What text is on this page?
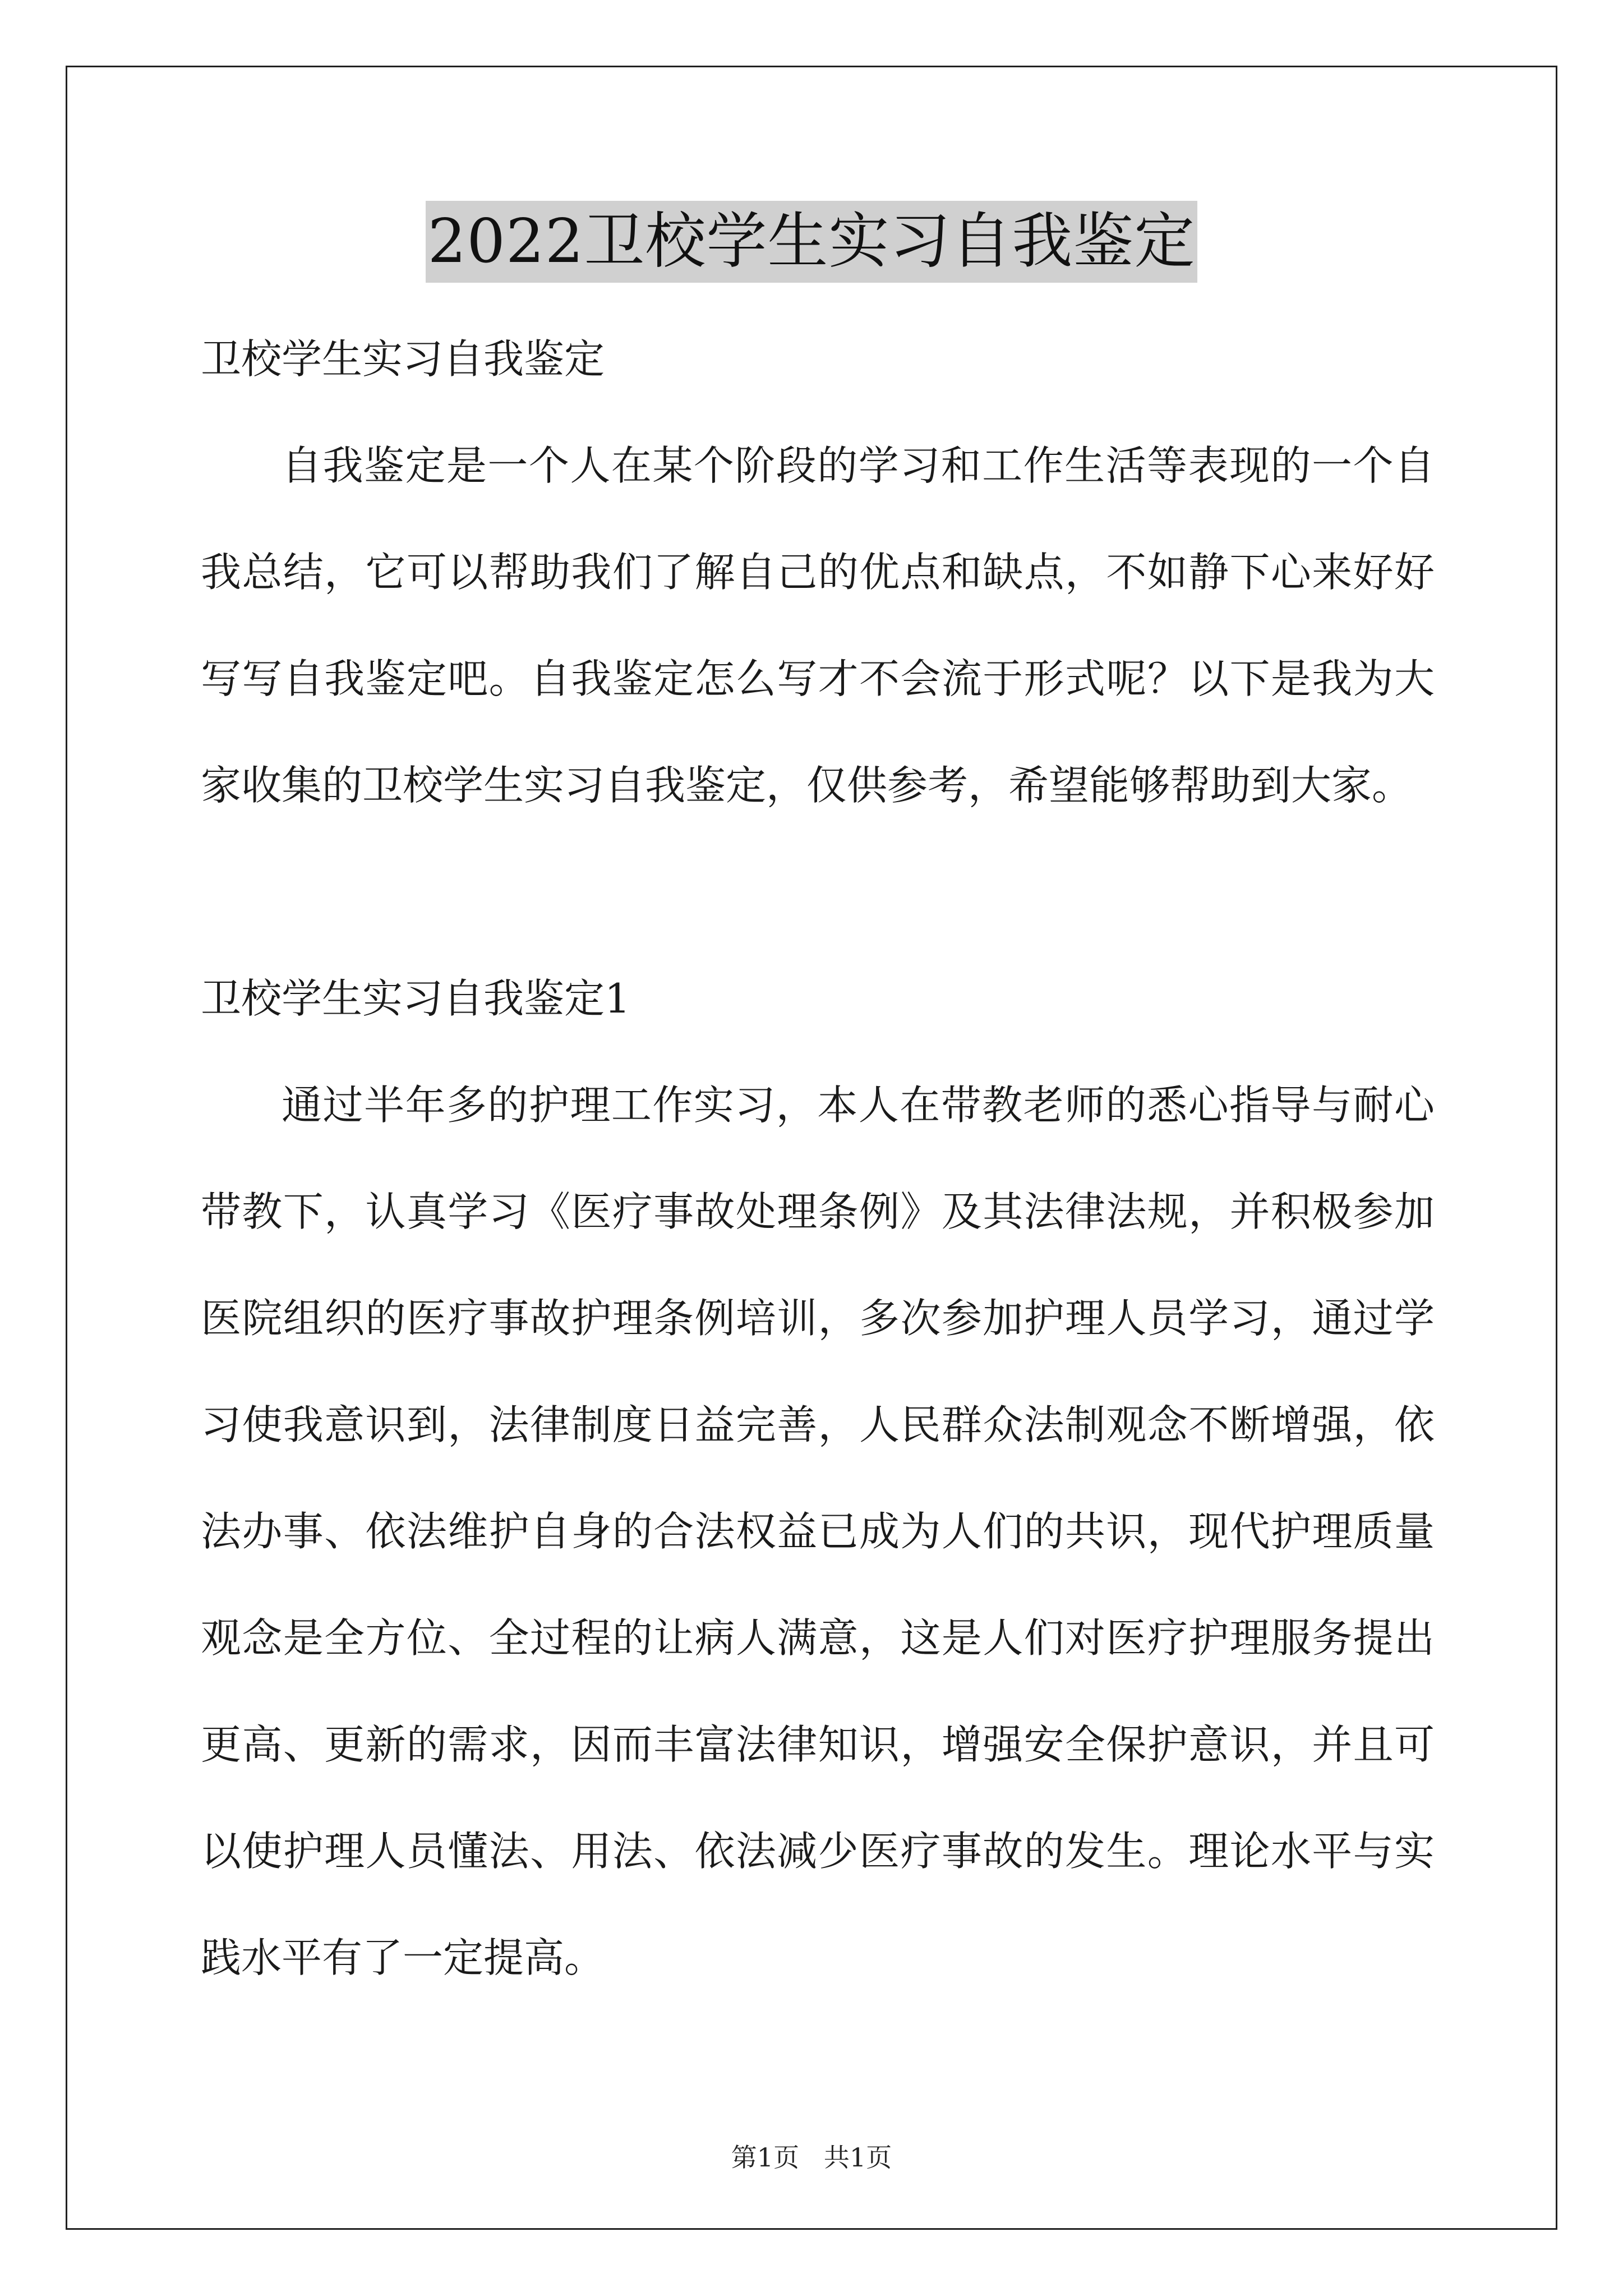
2022卫校学生实习自我鉴定
卫校学生实习自我鉴定

自我鉴定是一个人在某个阶段的学习和工作生活等表现的一个自我总结，它可以帮助我们了解自己的优点和缺点，不如静下心来好好写写自我鉴定吧。自我鉴定怎么写才不会流于形式呢？以下是我为大家收集的卫校学生实习自我鉴定，仅供参考，希望能够帮助到大家。

卫校学生实习自我鉴定1

通过半年多的护理工作实习，本人在带教老师的悉心指导与耐心带教下，认真学习《医疗事故处理条例》及其法律法规，并积极参加医院组织的医疗事故护理条例培训，多次参加护理人员学习，通过学习使我意识到，法律制度日益完善，人民群众法制观念不断增强，依法办事、依法维护自身的合法权益已成为人们的共识，现代护理质量观念是全方位、全过程的让病人满意，这是人们对医疗护理服务提出更高、更新的需求，因而丰富法律知识，增强安全保护意识，并且可以使护理人员懂法、用法、依法减少医疗事故的发生。理论水平与实践水平有了一定提高。

第1页   共1页
